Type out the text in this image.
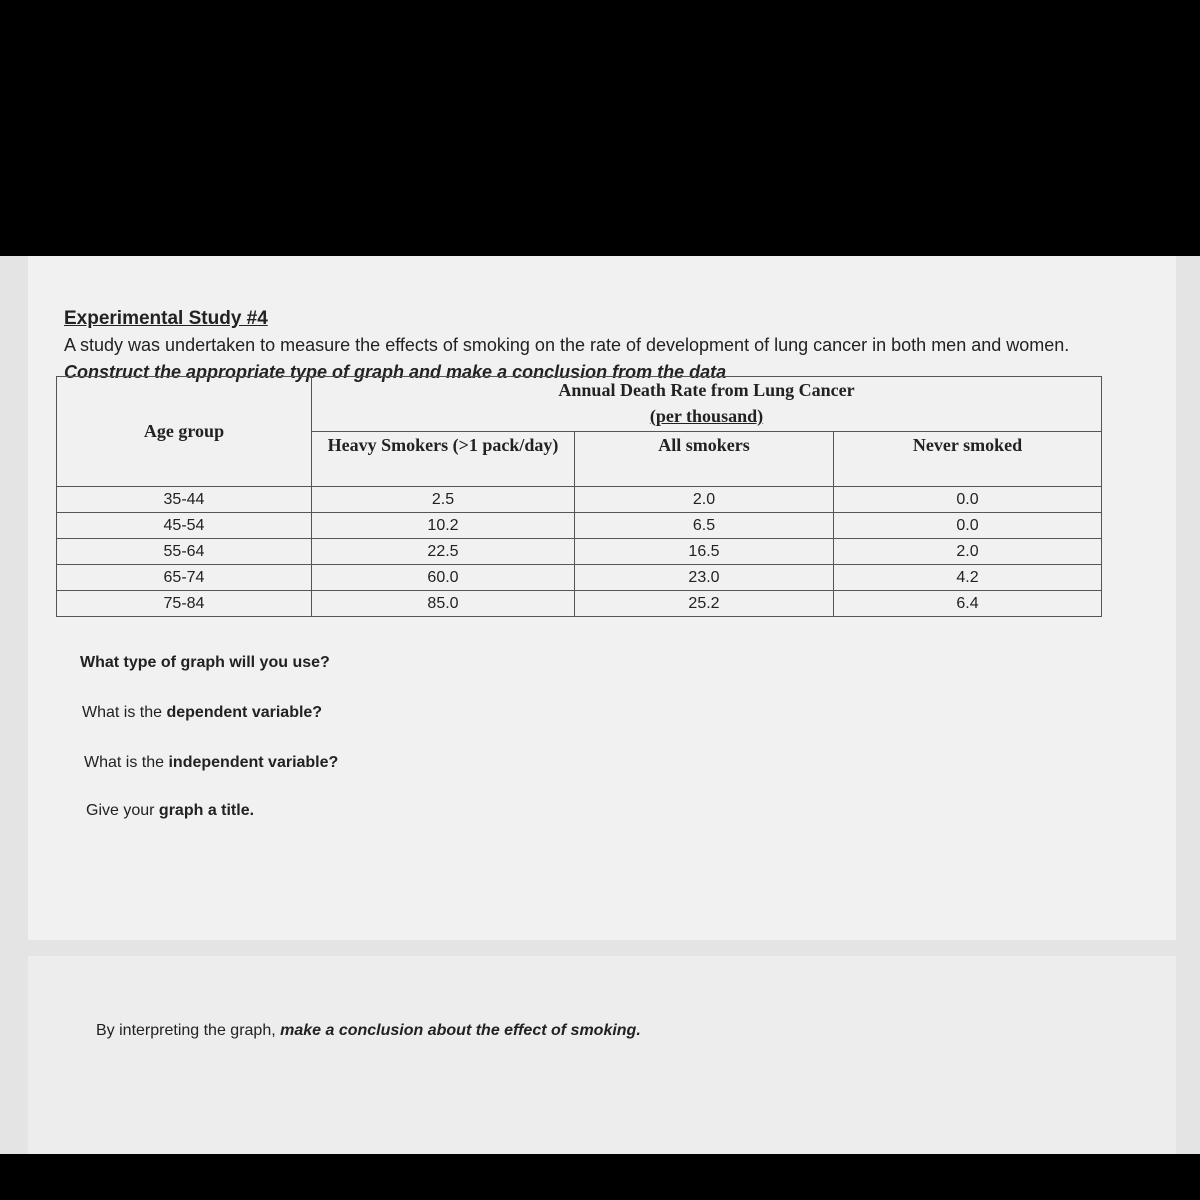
Experimental Study #4
A study was undertaken to measure the effects of smoking on the rate of development of lung cancer in both men and women. Construct the appropriate type of graph and make a conclusion from the data
Age group	Annual Death Rate from Lung Cancer
(per thousand)		

	Heavy Smokers (>1 pack/day)	All smokers	Never smoked
35-44	2.5	2.0	0.0
45-54	10.2	6.5	0.0
55-64	22.5	16.5	2.0
65-74	60.0	23.0	4.2
75-84	85.0	25.2	6.4
What type of graph will you use?
What is the dependent variable?
What is the independent variable?
Give your graph a title.
By interpreting the graph, make a conclusion about the effect of smoking.
